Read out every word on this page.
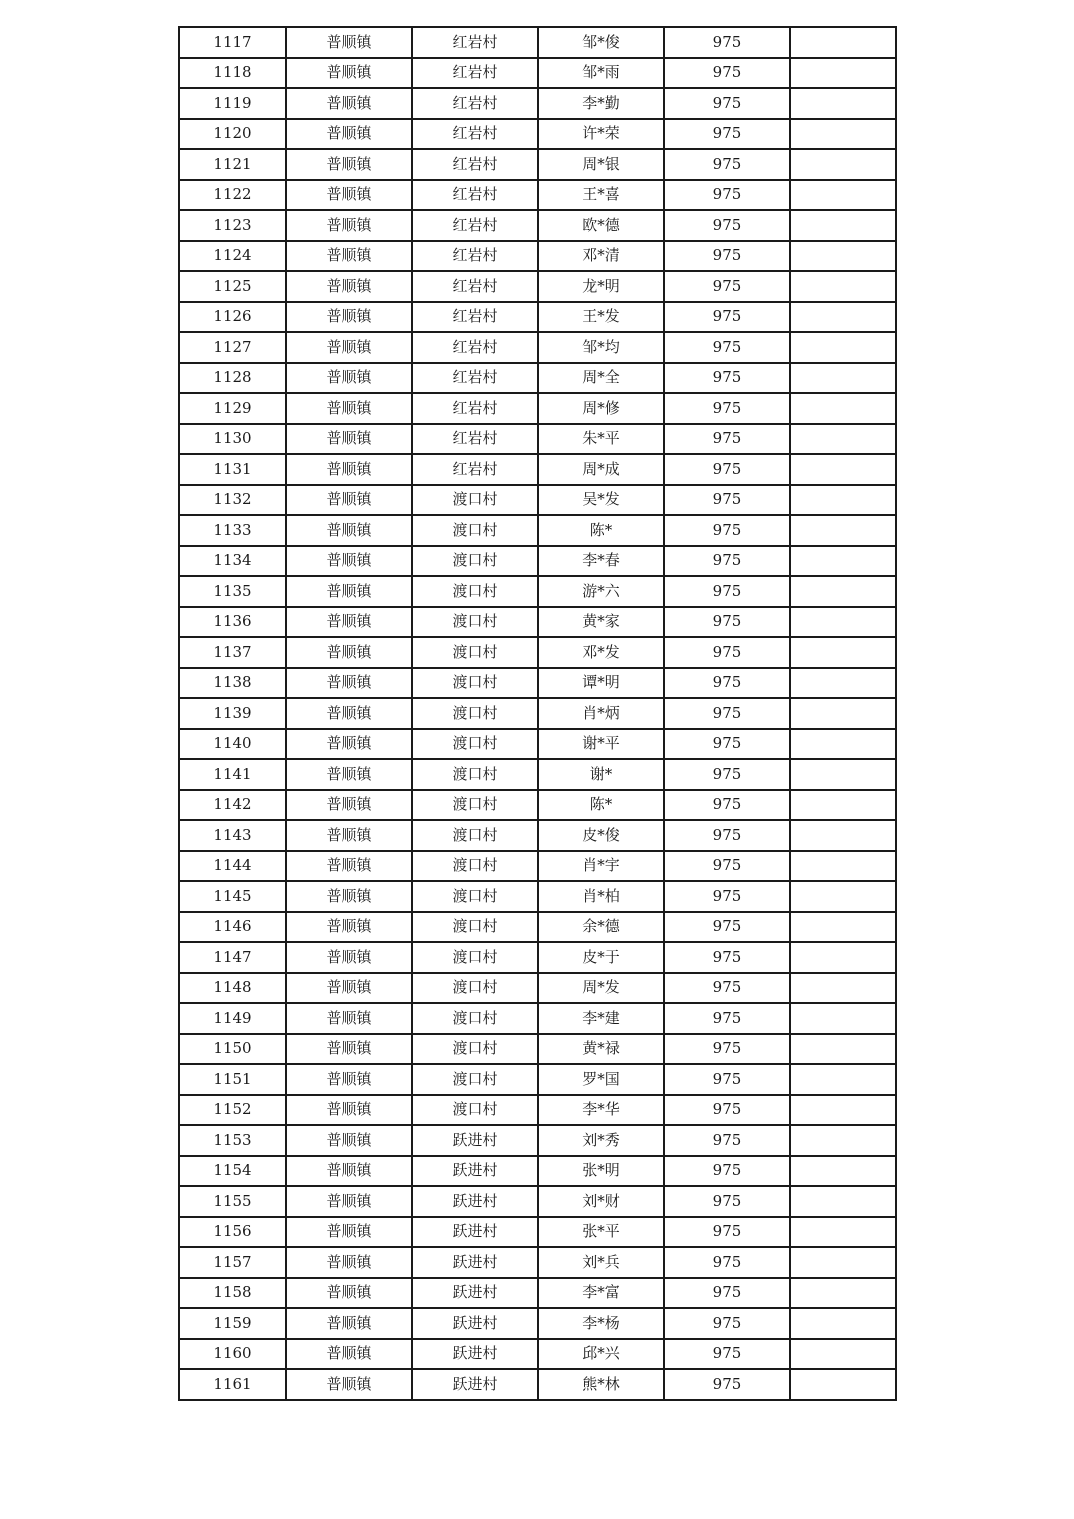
1117	普顺镇	红岩村	邹*俊	975	
1118	普顺镇	红岩村	邹*雨	975	
1119	普顺镇	红岩村	李*勤	975	
1120	普顺镇	红岩村	许*荣	975	
1121	普顺镇	红岩村	周*银	975	
1122	普顺镇	红岩村	王*喜	975	
1123	普顺镇	红岩村	欧*德	975	
1124	普顺镇	红岩村	邓*清	975	
1125	普顺镇	红岩村	龙*明	975	
1126	普顺镇	红岩村	王*发	975	
1127	普顺镇	红岩村	邹*均	975	
1128	普顺镇	红岩村	周*全	975	
1129	普顺镇	红岩村	周*修	975	
1130	普顺镇	红岩村	朱*平	975	
1131	普顺镇	红岩村	周*成	975	
1132	普顺镇	渡口村	吴*发	975	
1133	普顺镇	渡口村	陈*	975	
1134	普顺镇	渡口村	李*春	975	
1135	普顺镇	渡口村	游*六	975	
1136	普顺镇	渡口村	黄*家	975	
1137	普顺镇	渡口村	邓*发	975	
1138	普顺镇	渡口村	谭*明	975	
1139	普顺镇	渡口村	肖*炳	975	
1140	普顺镇	渡口村	谢*平	975	
1141	普顺镇	渡口村	谢*	975	
1142	普顺镇	渡口村	陈*	975	
1143	普顺镇	渡口村	皮*俊	975	
1144	普顺镇	渡口村	肖*宇	975	
1145	普顺镇	渡口村	肖*柏	975	
1146	普顺镇	渡口村	余*德	975	
1147	普顺镇	渡口村	皮*于	975	
1148	普顺镇	渡口村	周*发	975	
1149	普顺镇	渡口村	李*建	975	
1150	普顺镇	渡口村	黄*禄	975	
1151	普顺镇	渡口村	罗*国	975	
1152	普顺镇	渡口村	李*华	975	
1153	普顺镇	跃进村	刘*秀	975	
1154	普顺镇	跃进村	张*明	975	
1155	普顺镇	跃进村	刘*财	975	
1156	普顺镇	跃进村	张*平	975	
1157	普顺镇	跃进村	刘*兵	975	
1158	普顺镇	跃进村	李*富	975	
1159	普顺镇	跃进村	李*杨	975	
1160	普顺镇	跃进村	邱*兴	975	
1161	普顺镇	跃进村	熊*林	975	
